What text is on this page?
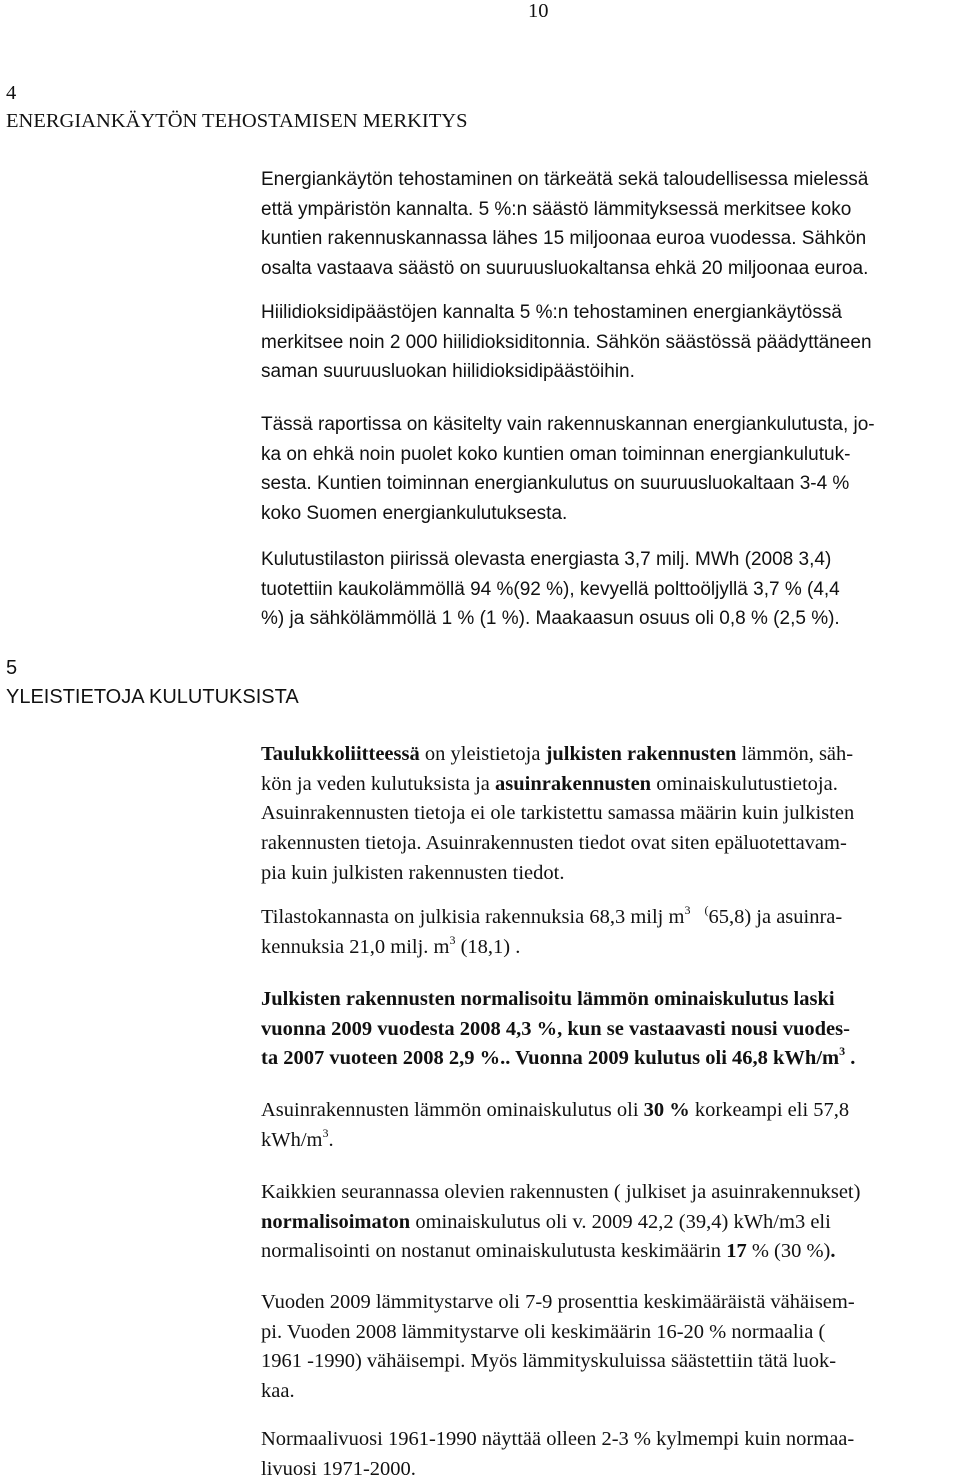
10
4
ENERGIANKÄYTÖN TEHOSTAMISEN MERKITYS

Energiankäytön tehostaminen on tärkeätä sekä taloudellisessa mielessä
että ympäristön kannalta. 5 %:n säästö lämmityksessä merkitsee koko
kuntien rakennuskannassa lähes 15 miljoonaa euroa vuodessa. Sähkön
osalta vastaava säästö on suuruusluokaltansa ehkä 20 miljoonaa euroa.

Hiilidioksidipäästöjen kannalta 5 %:n tehostaminen energiankäytössä
merkitsee noin 2 000 hiilidioksiditonnia. Sähkön säästössä päädyttäneen
saman suuruusluokan hiilidioksidipäästöihin.

Tässä raportissa on käsitelty vain rakennuskannan energiankulutusta, jo-
ka on ehkä noin puolet koko kuntien oman toiminnan energiankulutuk-
sesta. Kuntien toiminnan energiankulutus on suuruusluokaltaan 3-4 %
koko Suomen energiankulutuksesta.

Kulutustilaston piirissä olevasta energiasta 3,7 milj. MWh (2008 3,4)
tuotettiin kaukolämmöllä 94 %(92 %), kevyellä polttoöljyllä 3,7 % (4,4
%) ja sähkölämmöllä 1 % (1 %). Maakaasun osuus oli 0,8 % (2,5 %).

5
YLEISTIETOJA KULUTUKSISTA

Taulukkoliitteessä on yleistietoja julkisten rakennusten lämmön, säh-
kön ja veden kulutuksista ja asuinrakennusten ominaiskulutustietoja.
Asuinrakennusten tietoja ei ole tarkistettu samassa määrin kuin julkisten
rakennusten tietoja. Asuinrakennusten tiedot ovat siten epäluotettavam-
pia kuin julkisten rakennusten tiedot.

Tilastokannasta on julkisia rakennuksia 68,3 milj $m^3$ (65,8) ja asuinra-
kennuksia 21,0 milj. $m^3$ (18,1) .

Julkisten rakennusten normalisoitu lämmön ominaiskulutus laski
vuonna 2009 vuodesta 2008 4,3 %, kun se vastaavasti nousi vuodes-
ta 2007 vuoteen 2008 2,9 %.. Vuonna 2009 kulutus oli 46,8 kWh/$m^3$ .

Asuinrakennusten lämmön ominaiskulutus oli 30 % korkeampi eli 57,8
kWh/$m^3$.

Kaikkien seurannassa olevien rakennusten ( julkiset ja asuinrakennukset)
normalisoimaton ominaiskulutus oli v. 2009 42,2 (39,4) kWh/m3 eli
normalisointi on nostanut ominaiskulutusta keskimäärin 17 % (30 %).

Vuoden 2009 lämmitystarve oli 7-9 prosenttia keskimääräistä vähäisem-
pi. Vuoden 2008 lämmitystarve oli keskimäärin 16-20 % normaalia (
1961 -1990) vähäisempi. Myös lämmityskuluissa säästettiin tätä luok-
kaa.

Normaalivuosi 1961-1990 näyttää olleen 2-3 % kylmempi kuin normaa-
livuosi 1971-2000.
